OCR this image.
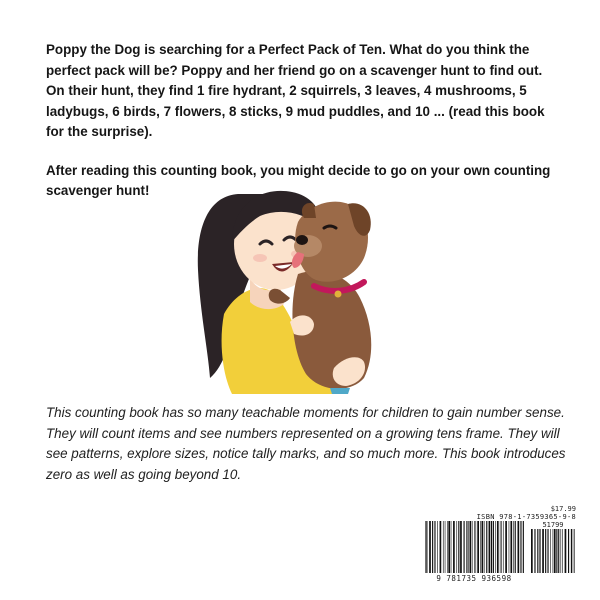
Poppy the Dog is searching for a Perfect Pack of Ten. What do you think the perfect pack will be? Poppy and her friend go on a scavenger hunt to find out. On their hunt, they find 1 fire hydrant, 2 squirrels, 3 leaves, 4 mushrooms, 5 ladybugs, 6 birds, 7 flowers, 8 sticks, 9 mud puddles, and 10 ... (read this book for the surprise).

After reading this counting book, you might decide to go on your own counting scavenger hunt!

This counting book has so many teachable moments for children to gain number sense. They will count items and see numbers represented on a growing tens frame. They will see patterns, explore sizes, notice tally marks, and so much more. This book introduces zero as well as going beyond 10.

$17.99
ISBN 978-1-7359365-9-8
51799
9 781735 936598
